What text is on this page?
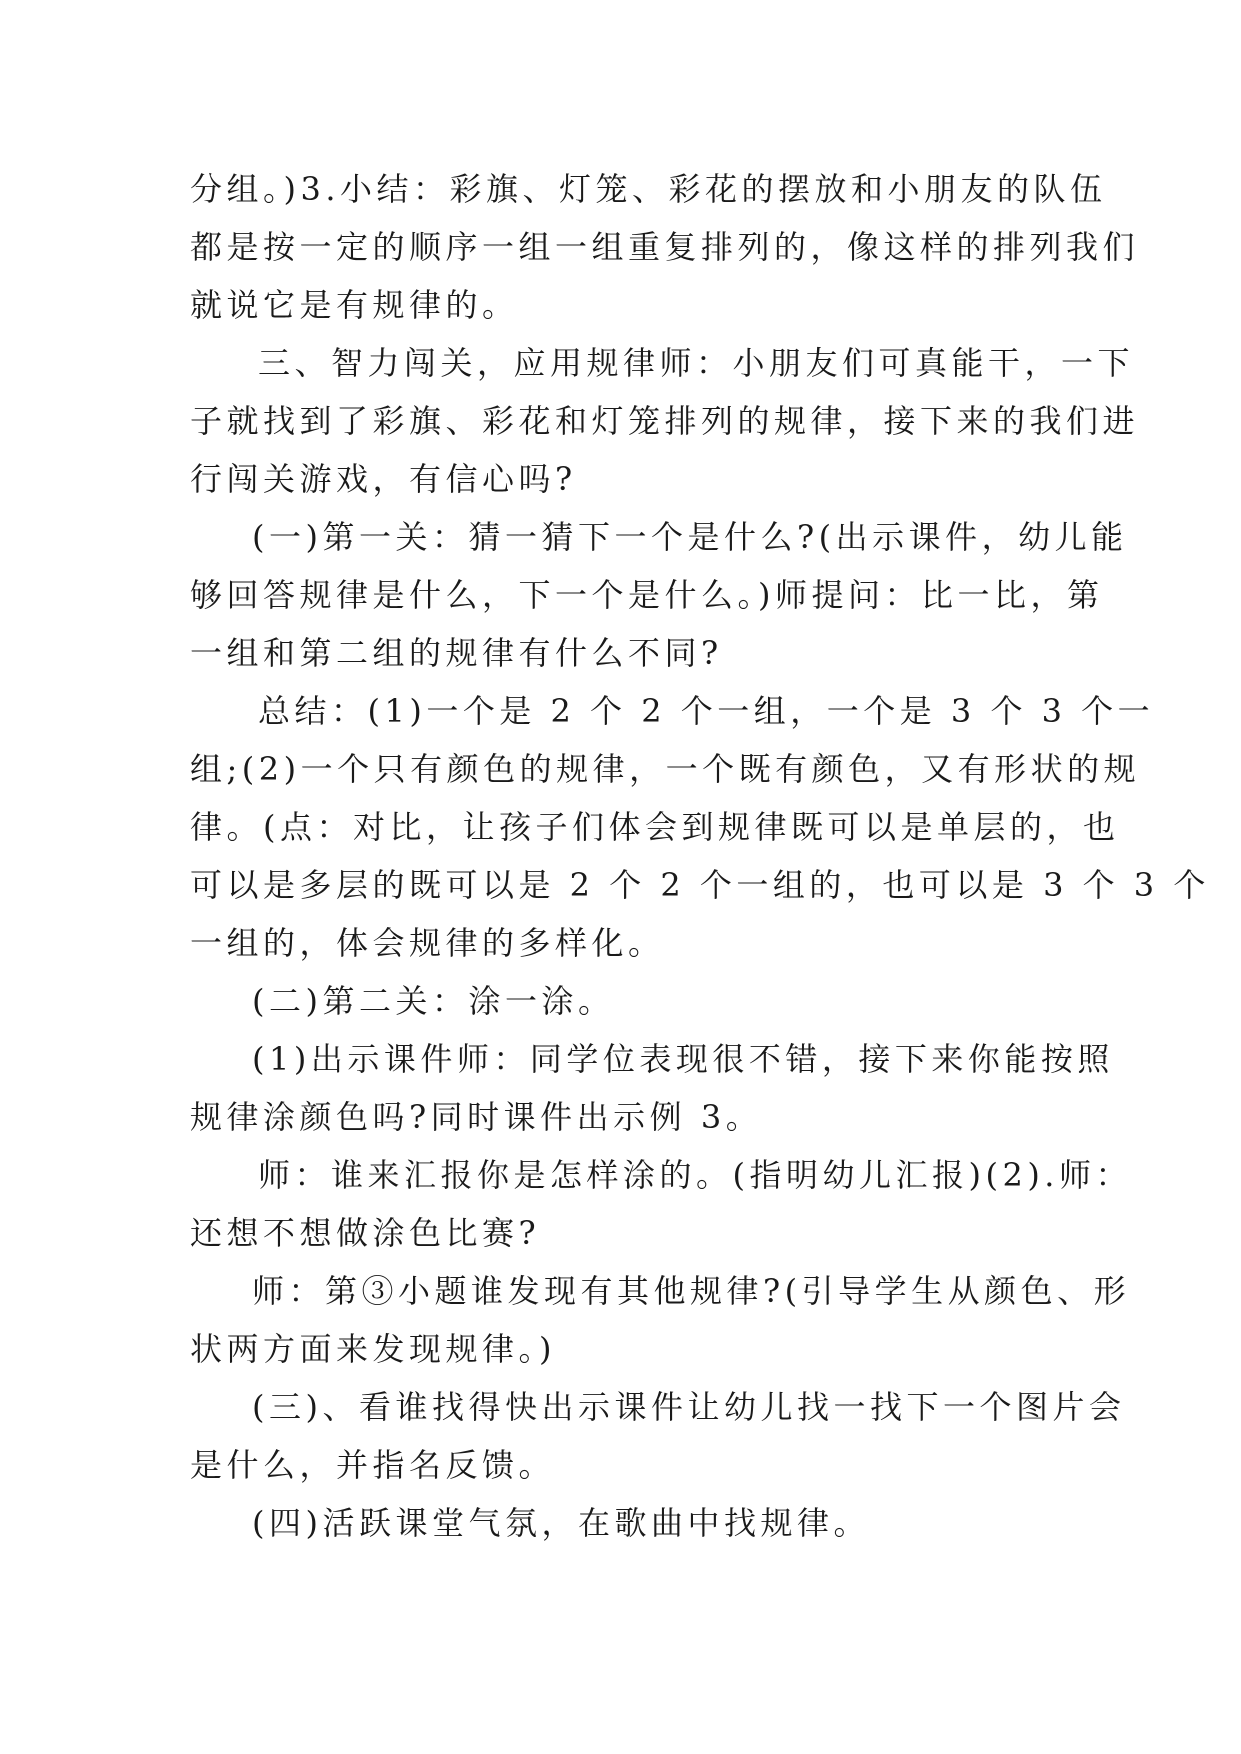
分组。)3.小结：彩旗、灯笼、彩花的摆放和小朋友的队伍
都是按一定的顺序一组一组重复排列的，像这样的排列我们
就说它是有规律的。
三、智力闯关，应用规律师：小朋友们可真能干，一下
子就找到了彩旗、彩花和灯笼排列的规律，接下来的我们进
行闯关游戏，有信心吗?
(一)第一关：猜一猜下一个是什么?(出示课件，幼儿能
够回答规律是什么，下一个是什么。)师提问：比一比，第
一组和第二组的规律有什么不同?
总结：(1)一个是 2 个 2 个一组，一个是 3 个 3 个一
组;(2)一个只有颜色的规律，一个既有颜色，又有形状的规
律。(点：对比，让孩子们体会到规律既可以是单层的，也
可以是多层的既可以是 2 个 2 个一组的，也可以是 3 个 3 个
一组的，体会规律的多样化。
(二)第二关：涂一涂。
(1)出示课件师：同学位表现很不错，接下来你能按照
规律涂颜色吗?同时课件出示例 3。
师：谁来汇报你是怎样涂的。(指明幼儿汇报)(2).师：
还想不想做涂色比赛?
师：第③小题谁发现有其他规律?(引导学生从颜色、形
状两方面来发现规律。)
(三)、看谁找得快出示课件让幼儿找一找下一个图片会
是什么，并指名反馈。
(四)活跃课堂气氛，在歌曲中找规律。
